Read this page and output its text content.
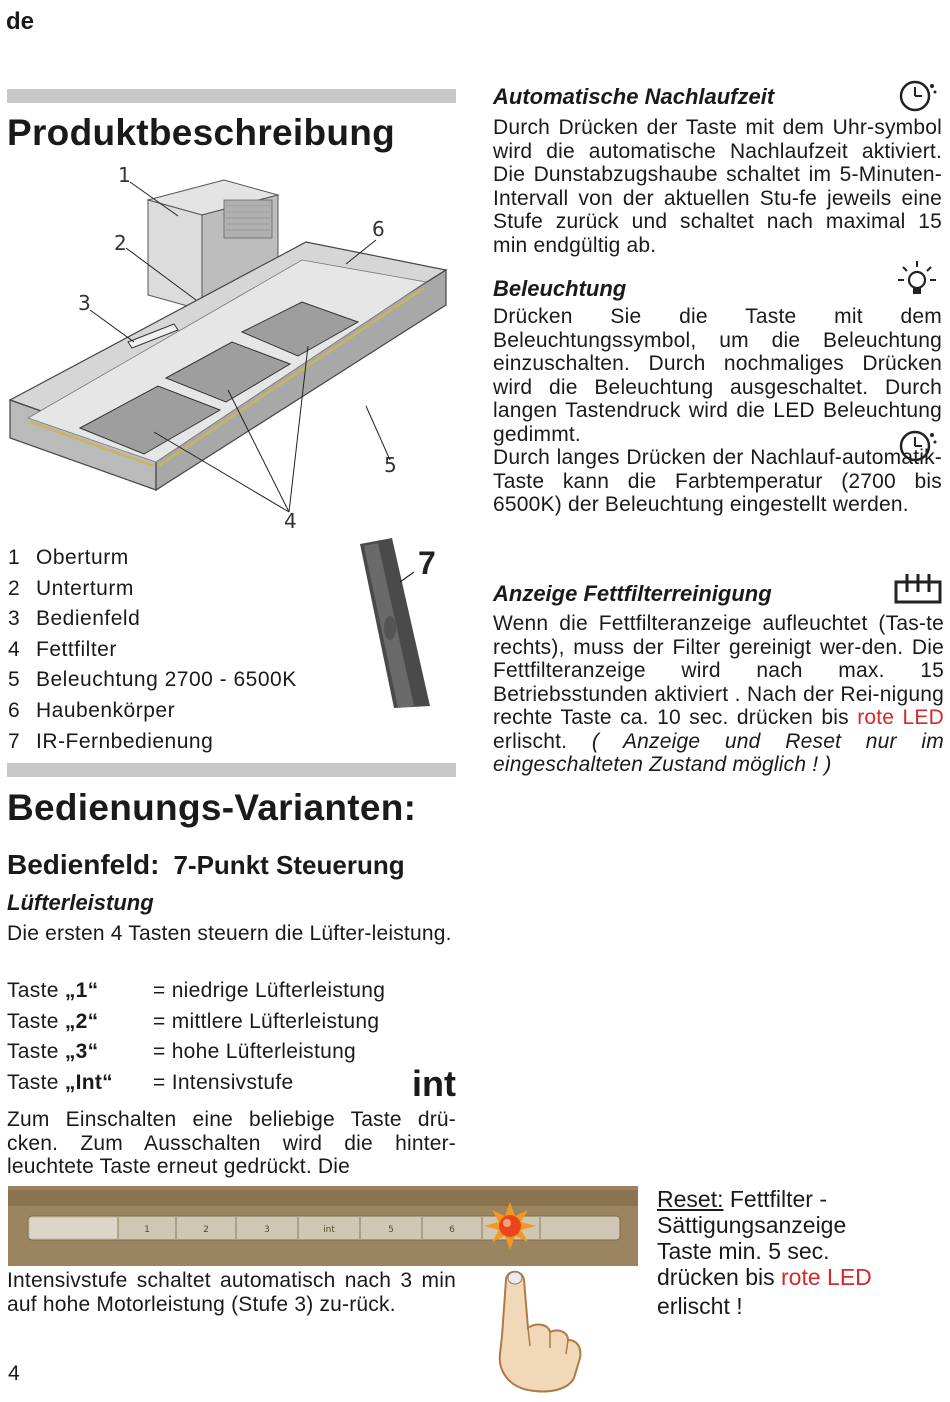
de
Produktbeschreibung
1
2
3
4
5
6
1 Oberturm
2 Unterturm
3 Bedienfeld
4 Fettfilter
5 Beleuchtung 2700 - 6500K
6 Haubenkörper
7 IR-Fernbedienung
7
Bedienungs-Varianten:
Bedienfeld: 7-Punkt Steuerung
Lüfterleistung
Die ersten 4 Tasten steuern die Lüfter-leistung.
Taste „1“	= niedrige Lüfterleistung
Taste „2“	= mittlere Lüfterleistung
Taste „3“	= hohe Lüfterleistung
Taste „Int“ = Intensivstufe	int
Zum Einschalten eine beliebige Taste drü-cken. Zum Ausschalten wird die hinter-leuchtete Taste erneut gedrückt. Die
1	2	3	int	5	6
Intensivstufe schaltet automatisch nach 3 min auf hohe Motorleistung (Stufe 3) zu-rück.
4
Reset: Fettfilter -
Sättigungsanzeige
Taste min. 5 sec.
drücken bis rote LED
erlischt !
Automatische Nachlaufzeit
Durch Drücken der Taste mit dem Uhr-symbol wird die automatische Nachlaufzeit aktiviert. Die Dunstabzugshaube schaltet im 5-Minuten-Intervall von der aktuellen Stu-fe jeweils eine Stufe zurück und schaltet nach maximal 15 min endgültig ab.
Beleuchtung
Drücken Sie die Taste mit dem Beleuchtungssymbol, um die Beleuchtung einzuschalten. Durch nochmaliges Drücken wird die Beleuchtung ausgeschaltet. Durch langen Tastendruck wird die LED Beleuchtung gedimmt.
Durch langes Drücken der Nachlauf-automatik-Taste kann die Farbtemperatur (2700 bis 6500K) der Beleuchtung eingestellt werden.
Anzeige Fettfilterreinigung
Wenn die Fettfilteranzeige aufleuchtet (Tas-te rechts), muss der Filter gereinigt wer-den. Die Fettfilteranzeige wird nach max. 15 Betriebsstunden aktiviert . Nach der Rei-nigung rechte Taste ca. 10 sec. drücken bis rote LED erlischt. ( Anzeige und Reset nur im eingeschalteten Zustand möglich ! )
